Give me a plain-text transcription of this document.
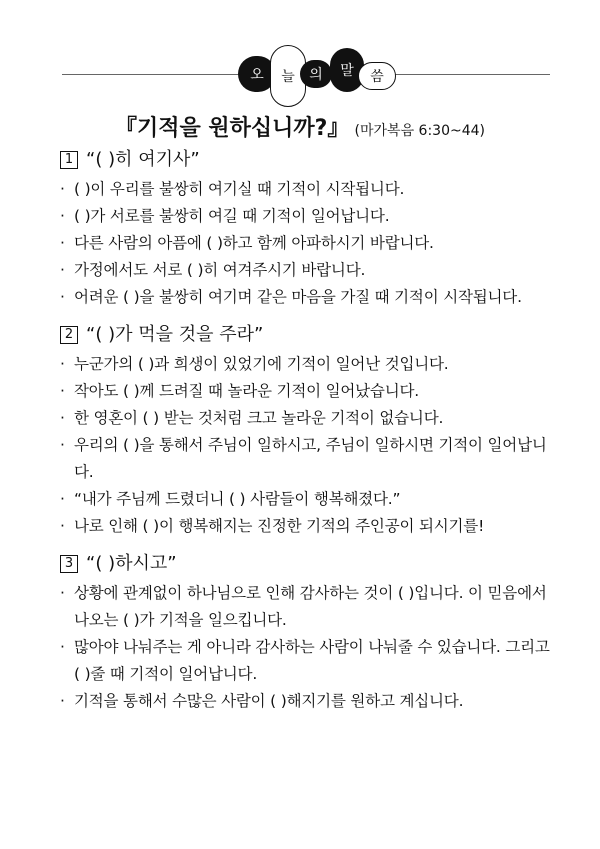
오 늘 의 말 씀
『기적을 원하십니까?』 (마가복음 6:30~44)
1 “( )히 여기사”
· ( )이 우리를 불쌍히 여기실 때 기적이 시작됩니다.
· ( )가 서로를 불쌍히 여길 때 기적이 일어납니다.
· 다른 사람의 아픔에 ( )하고 함께 아파하시기 바랍니다.
· 가정에서도 서로 ( )히 여겨주시기 바랍니다.
· 어려운 ( )을 불쌍히 여기며 같은 마음을 가질 때 기적이 시작됩니다.
2 “( )가 먹을 것을 주라”
· 누군가의 ( )과 희생이 있었기에 기적이 일어난 것입니다.
· 작아도 ( )께 드려질 때 놀라운 기적이 일어났습니다.
· 한 영혼이 ( ) 받는 것처럼 크고 놀라운 기적이 없습니다.
· 우리의 ( )을 통해서 주님이 일하시고, 주님이 일하시면 기적이 일어납니다.
· “내가 주님께 드렸더니 ( ) 사람들이 행복해졌다.”
· 나로 인해 ( )이 행복해지는 진정한 기적의 주인공이 되시기를!
3 “( )하시고”
· 상황에 관계없이 하나님으로 인해 감사하는 것이 ( )입니다. 이 믿음에서 나오는 ( )가 기적을 일으킵니다.
· 많아야 나눠주는 게 아니라 감사하는 사람이 나눠줄 수 있습니다. 그리고 ( )줄 때 기적이 일어납니다.
· 기적을 통해서 수많은 사람이 ( )해지기를 원하고 계십니다.
